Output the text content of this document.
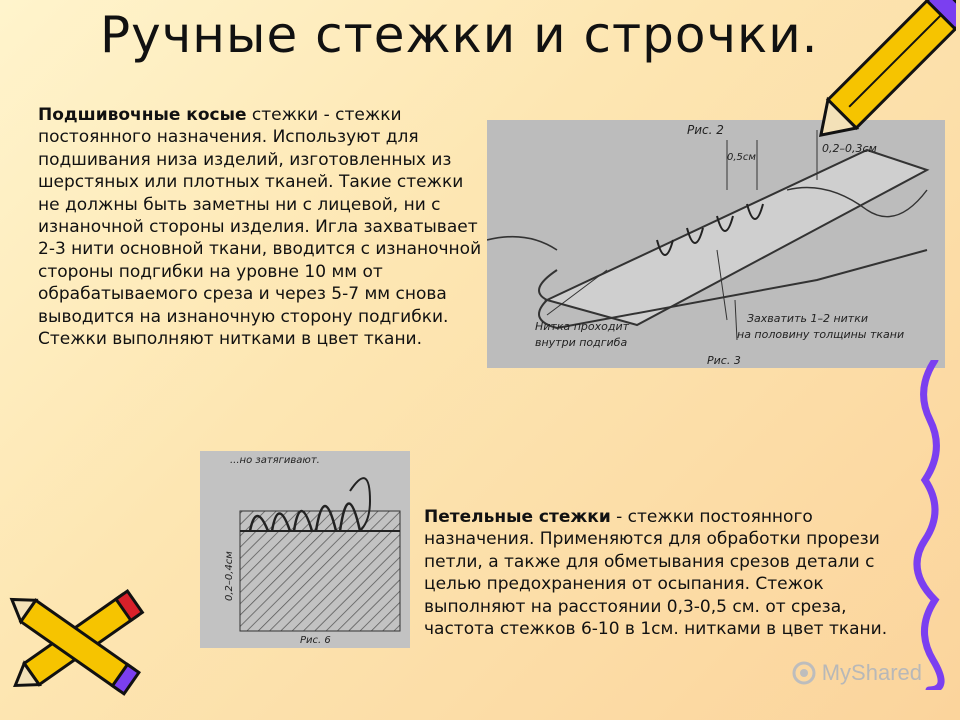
Ручные стежки и строчки.
Подшивочные косые стежки - стежки постоянного назначения. Используют для подшивания низа изделий, изготовленных из шерстяных или плотных тканей. Такие стежки не должны быть заметны ни с лицевой, ни с изнаночной стороны изделия. Игла захватывает 2-3 нити основной ткани, вводится с изнаночной стороны подгибки на уровне 10 мм от обрабатываемого среза и через 5-7 мм снова выводится на изнаночную сторону подгибки. Стежки выполняют нитками в цвет ткани.
Рис. 2
0,2–0,3см
0,5см
Нитка проходит
внутри подгиба
Захватить 1–2 нитки
на половину толщины ткани
Рис. 3
...но затягивают.
0,2–0,4см
Рис. 6
Петельные стежки - стежки постоянного назначения. Применяются для обработки прорези петли, а также для обметывания срезов детали с целью предохранения от осыпания. Стежок выполняют на расстоянии 0,3-0,5 см. от среза, частота стежков 6-10 в 1см. нитками в цвет ткани.
MyShared
